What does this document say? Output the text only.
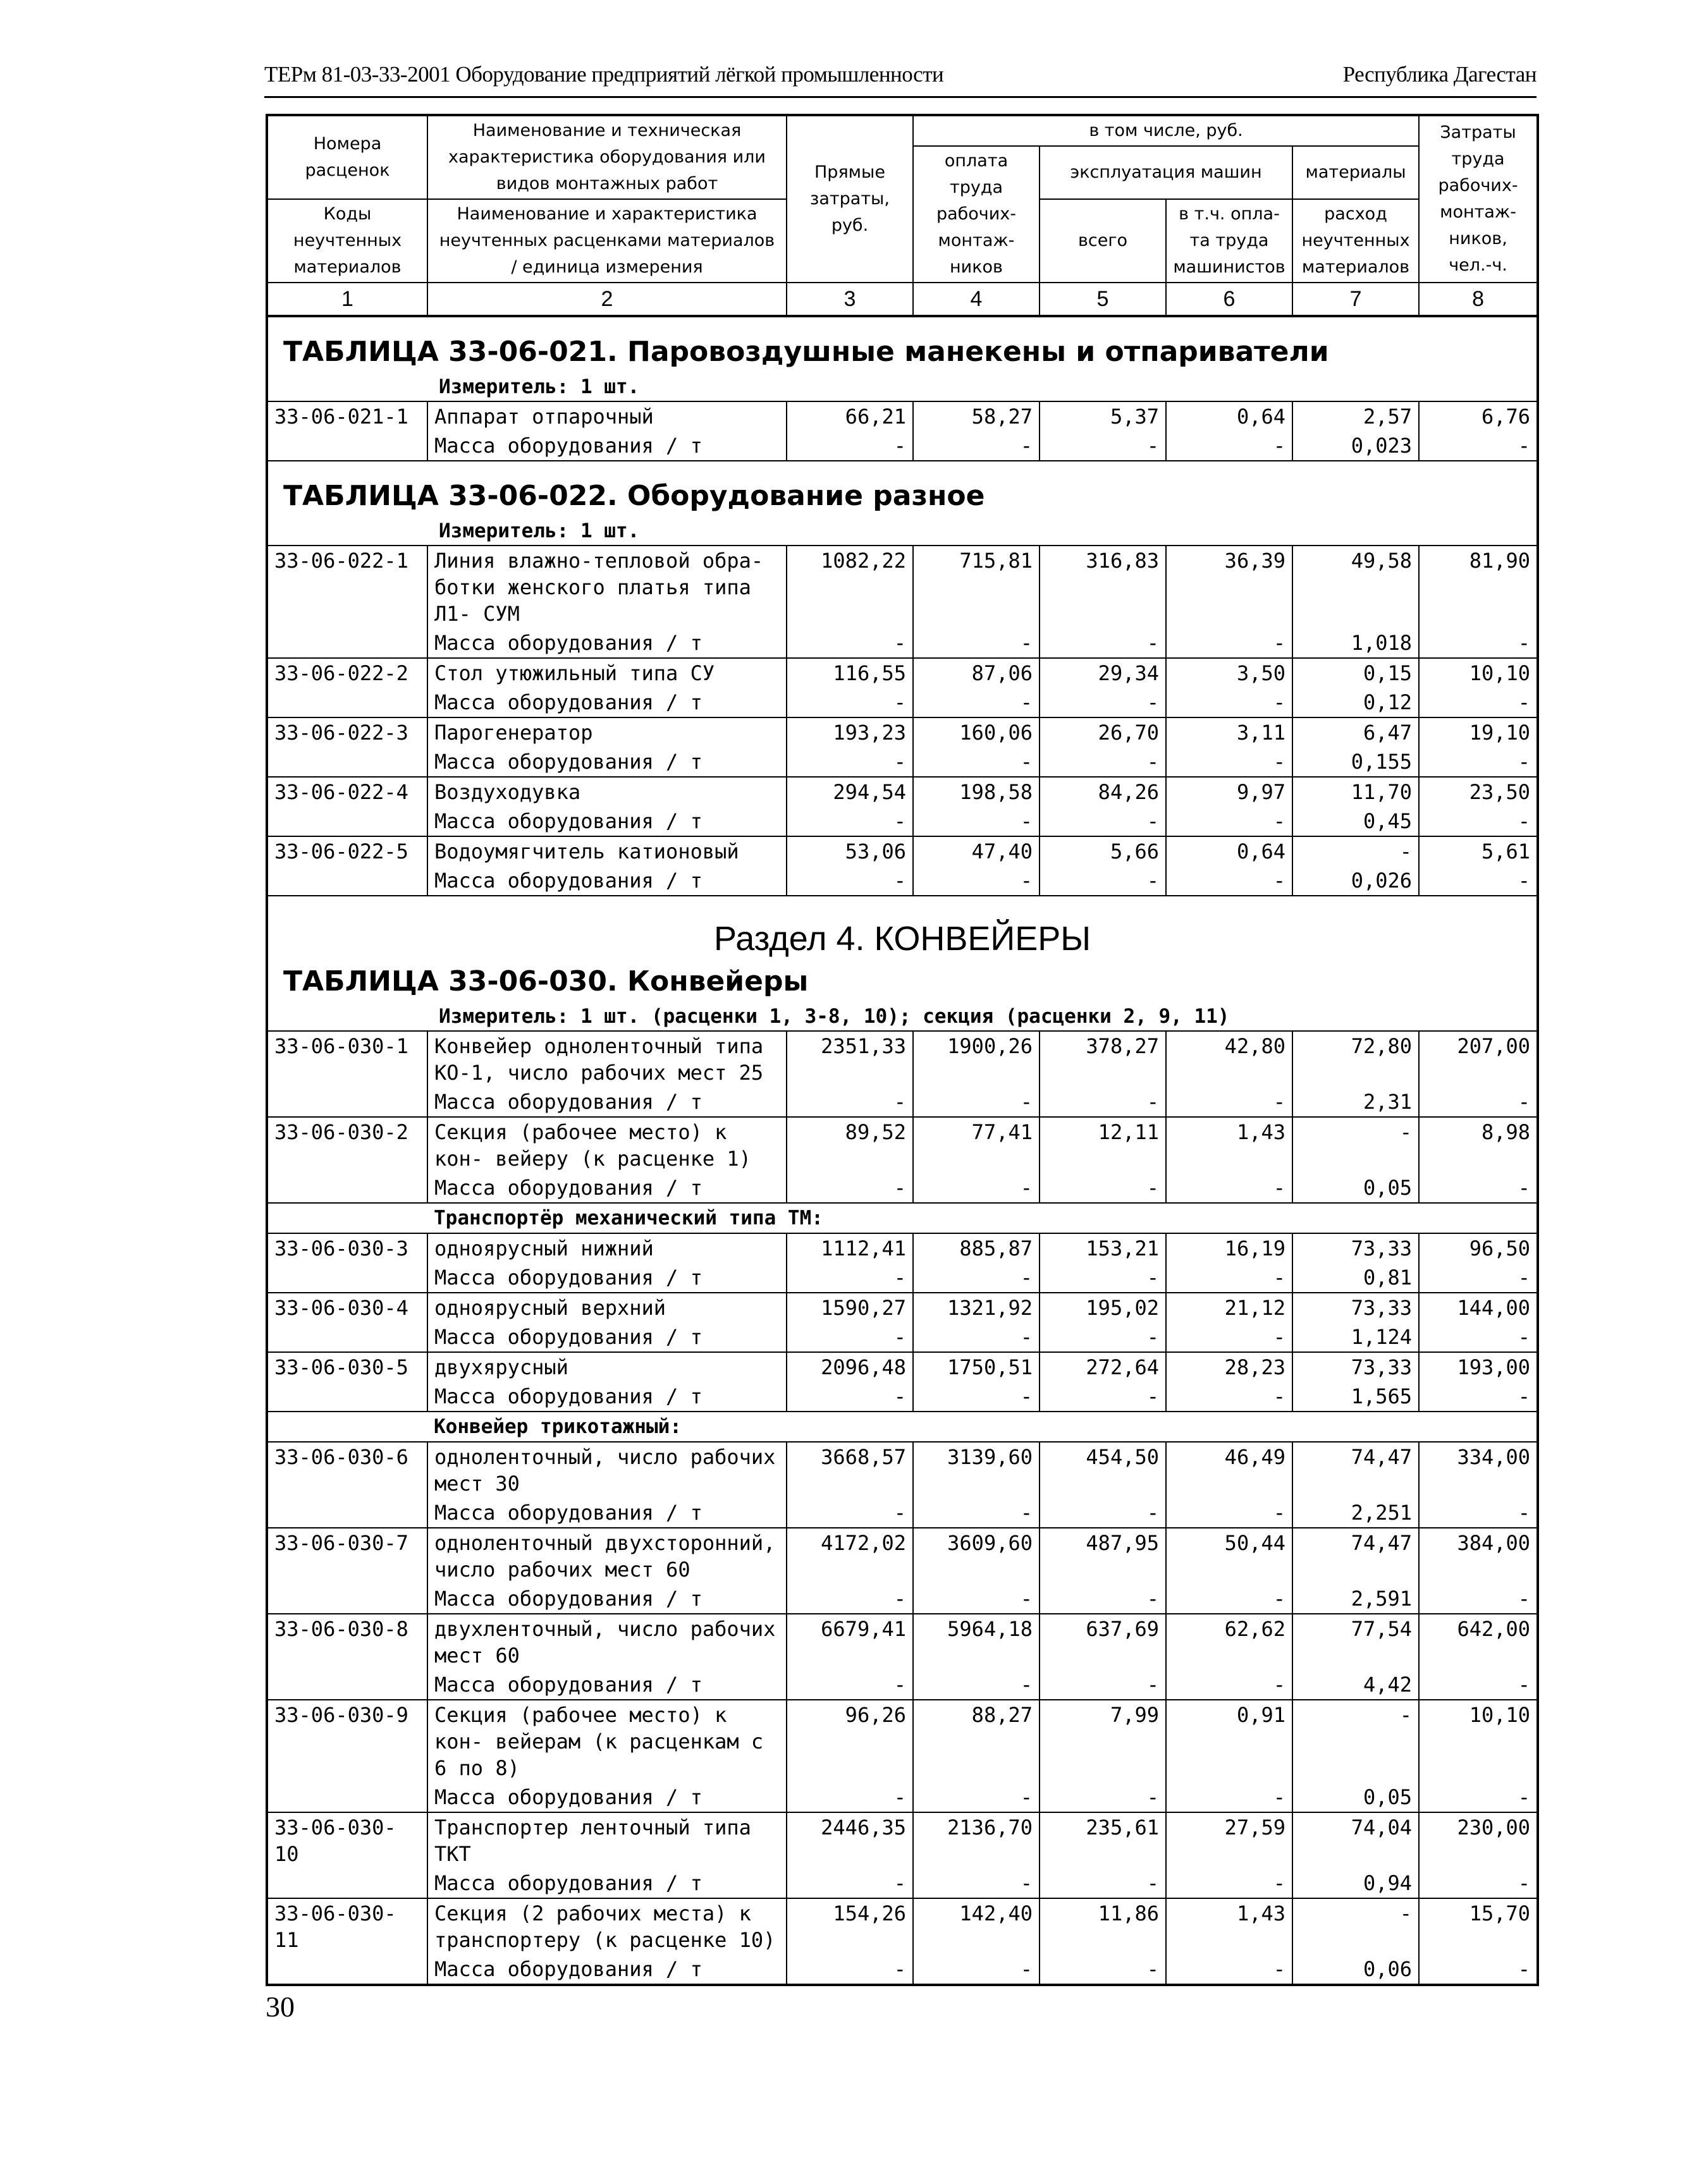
ТЕРм 81-03-33-2001 Оборудование предприятий лёгкой промышленности	Республика Дагестан
Номера расценок	Наименование и техническая характеристика оборудования или видов монтажных работ	Прямые затраты, руб.	в том числе, руб.				Затраты труда рабочих-монтаж-ников, чел.-ч.
			оплата труда рабочих-монтаж-ников	эксплуатация машин		материалы	
Коды неучтенных материалов	Наименование и характеристика неучтенных расценками материалов / единица измерения			всего	в т.ч. опла-та труда машинистов	расход неучтенных материалов	

1	2	3	4	5	6	7	8

ТАБЛИЦА 33-06-021. Паровоздушные манекены и отпариватели
Измеритель: 1 шт.							

33-06-021-1	Аппарат отпарочный	66,21	58,27	5,37	0,64	2,57	6,76
	Масса оборудования / т	-	-	-	-	0,023	-

ТАБЛИЦА 33-06-022. Оборудование разное
Измеритель: 1 шт.							

33-06-022-1	Линия влажно-тепловой обра- ботки женского платья типа Л1- СУМ	1082,22	715,81	316,83	36,39	49,58	81,90
	Масса оборудования / т	-	-	-	-	1,018	-
33-06-022-2	Стол утюжильный типа СУ	116,55	87,06	29,34	3,50	0,15	10,10
	Масса оборудования / т	-	-	-	-	0,12	-
33-06-022-3	Парогенератор	193,23	160,06	26,70	3,11	6,47	19,10
	Масса оборудования / т	-	-	-	-	0,155	-
33-06-022-4	Воздуходувка	294,54	198,58	84,26	9,97	11,70	23,50
	Масса оборудования / т	-	-	-	-	0,45	-
33-06-022-5	Водоумягчитель катионовый	53,06	47,40	5,66	0,64	-	5,61
	Масса оборудования / т	-	-	-	-	0,026	-

Раздел 4. КОНВЕЙЕРЫ							

ТАБЛИЦА 33-06-030. Конвейеры
Измеритель: 1 шт. (расценки 1, 3-8, 10); секция (расценки 2, 9, 11)							

33-06-030-1	Конвейер одноленточный типа КО-1, число рабочих мест 25	2351,33	1900,26	378,27	42,80	72,80	207,00
	Масса оборудования / т	-	-	-	-	2,31	-
33-06-030-2	Секция (рабочее место) к кон- вейеру (к расценке 1)	89,52	77,41	12,11	1,43	-	8,98
	Масса оборудования / т	-	-	-	-	0,05	-
	Транспортёр механический типа ТМ:						
33-06-030-3	одноярусный нижний	1112,41	885,87	153,21	16,19	73,33	96,50
	Масса оборудования / т	-	-	-	-	0,81	-
33-06-030-4	одноярусный верхний	1590,27	1321,92	195,02	21,12	73,33	144,00
	Масса оборудования / т	-	-	-	-	1,124	-
33-06-030-5	двухярусный	2096,48	1750,51	272,64	28,23	73,33	193,00
	Масса оборудования / т	-	-	-	-	1,565	-
	Конвейер трикотажный:						
33-06-030-6	одноленточный, число рабочих мест 30	3668,57	3139,60	454,50	46,49	74,47	334,00
	Масса оборудования / т	-	-	-	-	2,251	-
33-06-030-7	одноленточный двухсторонний, число рабочих мест 60	4172,02	3609,60	487,95	50,44	74,47	384,00
	Масса оборудования / т	-	-	-	-	2,591	-
33-06-030-8	двухленточный, число рабочих мест 60	6679,41	5964,18	637,69	62,62	77,54	642,00
	Масса оборудования / т	-	-	-	-	4,42	-
33-06-030-9	Секция (рабочее место) к кон- вейерам (к расценкам с 6 по 8)	96,26	88,27	7,99	0,91	-	10,10
	Масса оборудования / т	-	-	-	-	0,05	-
33-06-030-10	Транспортер ленточный типа ТКТ	2446,35	2136,70	235,61	27,59	74,04	230,00
	Масса оборудования / т	-	-	-	-	0,94	-
33-06-030-11	Секция (2 рабочих места) к транспортеру (к расценке 10)	154,26	142,40	11,86	1,43	-	15,70
	Масса оборудования / т	-	-	-	-	0,06	-
30
